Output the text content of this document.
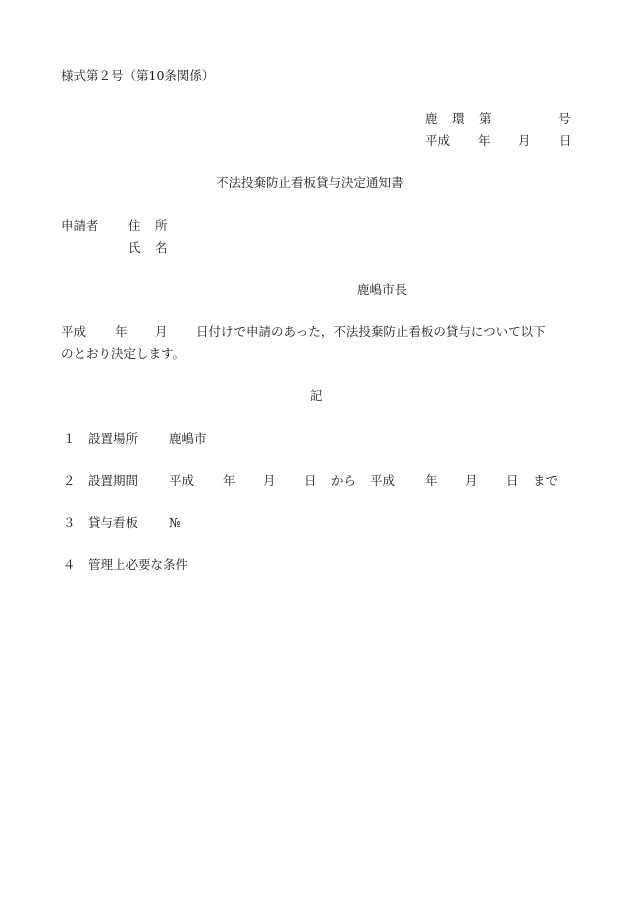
様式第２号（第10条関係）
鹿 環 第	号
平成 年 月 日
不法投棄防止看板貸与決定通知書
申請者 住 所
氏 名
鹿嶋市長
平成 年 月 日付けで申請のあった，不法投棄防止看板の貸与について以下
のとおり決定します。
記
１ 設置場所 鹿嶋市
２ 設置期間 平成 年 月 日 から 平成 年 月 日 まで
３ 貸与看板 №
４ 管理上必要な条件
